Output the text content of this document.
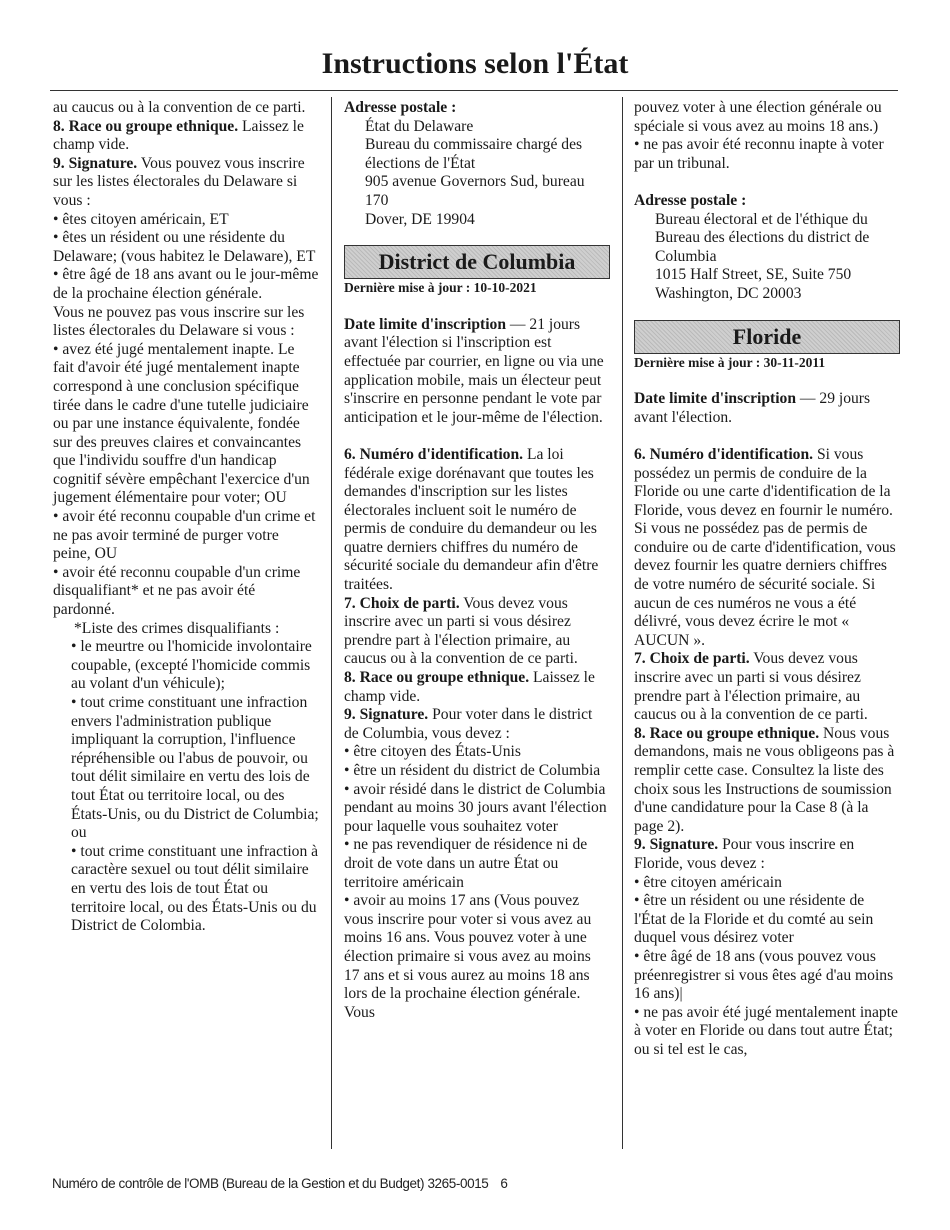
Instructions selon l'État

au caucus ou à la convention de ce parti.

8. Race ou groupe ethnique. Laissez le champ vide.

9. Signature. Vous pouvez vous inscrire sur les listes électorales du Delaware si vous :

• êtes citoyen américain, ET

• êtes un résident ou une résidente du Delaware; (vous habitez le Delaware), ET

• être âgé de 18 ans avant ou le jour-même de la prochaine élection générale.

Vous ne pouvez pas vous inscrire sur les listes électorales du Delaware si vous :

• avez été jugé mentalement inapte. Le fait d'avoir été jugé mentalement inapte correspond à une conclusion spécifique tirée dans le cadre d'une tutelle judiciaire ou par une instance équivalente, fondée sur des preuves claires et convaincantes que l'individu souffre d'un handicap cognitif sévère empêchant l'exercice d'un jugement élémentaire pour voter; OU

• avoir été reconnu coupable d'un crime et ne pas avoir terminé de purger votre peine, OU

• avoir été reconnu coupable d'un crime disqualifiant* et ne pas avoir été pardonné.

*Liste des crimes disqualifiants :

• le meurtre ou l'homicide involontaire coupable, (excepté l'homicide commis au volant d'un véhicule);

• tout crime constituant une infraction envers l'administration publique impliquant la corruption, l'influence répréhensible ou l'abus de pouvoir, ou tout délit similaire en vertu des lois de tout État ou territoire local, ou des États-Unis, ou du District de Columbia; ou

• tout crime constituant une infraction à caractère sexuel ou tout délit similaire en vertu des lois de tout État ou territoire local, ou des États-Unis ou du District de Colombia.

Adresse postale :

État du Delaware

Bureau du commissaire chargé des élections de l'État

905 avenue Governors Sud, bureau 170

Dover, DE 19904

District de Columbia

Dernière mise à jour : 10-10-2021

Date limite d'inscription — 21 jours avant l'élection si l'inscription est effectuée par courrier, en ligne ou via une application mobile, mais un électeur peut s'inscrire en personne pendant le vote par anticipation et le jour-même de l'élection.

6. Numéro d'identification. La loi fédérale exige dorénavant que toutes les demandes d'inscription sur les listes électorales incluent soit le numéro de permis de conduire du demandeur ou les quatre derniers chiffres du numéro de sécurité sociale du demandeur afin d'être traitées.

7. Choix de parti. Vous devez vous inscrire avec un parti si vous désirez prendre part à l'élection primaire, au caucus ou à la convention de ce parti.

8. Race ou groupe ethnique. Laissez le champ vide.

9. Signature. Pour voter dans le district de Columbia, vous devez :

• être citoyen des États-Unis

• être un résident du district de Columbia

• avoir résidé dans le district de Columbia pendant au moins 30 jours avant l'élection pour laquelle vous souhaitez voter

• ne pas revendiquer de résidence ni de droit de vote dans un autre État ou territoire américain

• avoir au moins 17 ans (Vous pouvez vous inscrire pour voter si vous avez au moins 16 ans. Vous pouvez voter à une élection primaire si vous avez au moins 17 ans et si vous aurez au moins 18 ans lors de la prochaine élection générale. Vous

pouvez voter à une élection générale ou spéciale si vous avez au moins 18 ans.)

• ne pas avoir été reconnu inapte à voter par un tribunal.

Adresse postale :

Bureau électoral et de l'éthique du Bureau des élections du district de Columbia

1015 Half Street, SE, Suite 750

Washington, DC 20003

Floride

Dernière mise à jour : 30-11-2011

Date limite d'inscription — 29 jours avant l'élection.

6. Numéro d'identification. Si vous possédez un permis de conduire de la Floride ou une carte d'identification de la Floride, vous devez en fournir le numéro. Si vous ne possédez pas de permis de conduire ou de carte d'identification, vous devez fournir les quatre derniers chiffres de votre numéro de sécurité sociale. Si aucun de ces numéros ne vous a été délivré, vous devez écrire le mot « AUCUN ».

7. Choix de parti. Vous devez vous inscrire avec un parti si vous désirez prendre part à l'élection primaire, au caucus ou à la convention de ce parti.

8. Race ou groupe ethnique. Nous vous demandons, mais ne vous obligeons pas à remplir cette case. Consultez la liste des choix sous les Instructions de soumission d'une candidature pour la Case 8 (à la page 2).

9. Signature. Pour vous inscrire en Floride, vous devez :

• être citoyen américain

• être un résident ou une résidente de l'État de la Floride et du comté au sein duquel vous désirez voter

• être âgé de 18 ans (vous pouvez vous préenregistrer si vous êtes agé d'au moins 16 ans)|

• ne pas avoir été jugé mentalement inapte à voter en Floride ou dans tout autre État; ou si tel est le cas,

Numéro de contrôle de l'OMB (Bureau de la Gestion et du Budget) 3265-0015 6
